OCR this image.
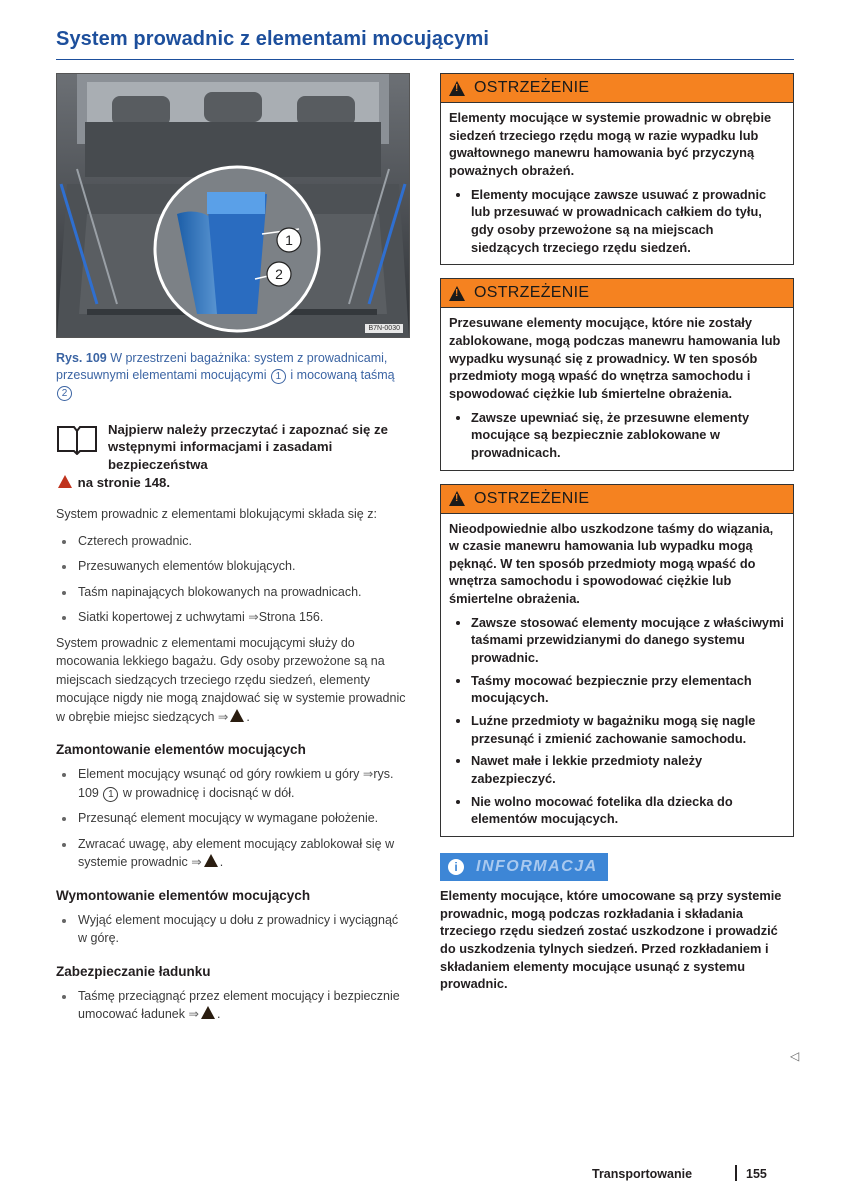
System prowadnic z elementami mocującymi
1
2
B7N-0030
Rys. 109 W przestrzeni bagażnika: system z prowadnicami, przesuwnymi elementami mocującymi 1 i mocowaną taśmą 2
Najpierw należy przeczytać i zapoznać się ze wstępnymi informacjami i zasadami bezpieczeństwa
na stronie 148.
System prowadnic z elementami blokującymi składa się z:
Czterech prowadnic.
Przesuwanych elementów blokujących.
Taśm napinających blokowanych na prowadnicach.
Siatki kopertowej z uchwytami ⇒Strona 156.
System prowadnic z elementami mocującymi służy do mocowania lekkiego bagażu. Gdy osoby przewożone są na miejscach siedzących trzeciego rzędu siedzeń, elementy mocujące nigdy nie mogą znajdować się w systemie prowadnic w obrębie miejsc siedzących ⇒ .
Zamontowanie elementów mocujących
Element mocujący wsunąć od góry rowkiem u góry ⇒rys. 109 1 w prowadnicę i docisnąć w dół.
Przesunąć element mocujący w wymagane położenie.
Zwracać uwagę, aby element mocujący zablokował się w systemie prowadnic ⇒ .
Wymontowanie elementów mocujących
Wyjąć element mocujący u dołu z prowadnicy i wyciągnąć w górę.
Zabezpieczanie ładunku
Taśmę przeciągnąć przez element mocujący i bezpiecznie umocować ładunek ⇒ .
!
OSTRZEŻENIE

Elementy mocujące w systemie prowadnic w obrębie siedzeń trzeciego rzędu mogą w razie wypadku lub gwałtownego manewru hamowania być przyczyną poważnych obrażeń.

Elementy mocujące zawsze usuwać z prowadnic lub przesuwać w prowadnicach całkiem do tyłu, gdy osoby przewożone są na miejscach siedzących trzeciego rzędu siedzeń.
!
OSTRZEŻENIE

Przesuwane elementy mocujące, które nie zostały zablokowane, mogą podczas manewru hamowania lub wypadku wysunąć się z prowadnicy. W ten sposób przedmioty mogą wpaść do wnętrza samochodu i spowodować ciężkie lub śmiertelne obrażenia.

Zawsze upewniać się, że przesuwne elementy mocujące są bezpiecznie zablokowane w prowadnicach.
!
OSTRZEŻENIE

Nieodpowiednie albo uszkodzone taśmy do wiązania, w czasie manewru hamowania lub wypadku mogą pęknąć. W ten sposób przedmioty mogą wpaść do wnętrza samochodu i spowodować ciężkie lub śmiertelne obrażenia.

Zawsze stosować elementy mocujące z właściwymi taśmami przewidzianymi do danego systemu prowadnic.
Taśmy mocować bezpiecznie przy elementach mocujących.
Luźne przedmioty w bagażniku mogą się nagle przesunąć i zmienić zachowanie samochodu.
Nawet małe i lekkie przedmioty należy zabezpieczyć.
Nie wolno mocować fotelika dla dziecka do elementów mocujących.
i	INFORMACJA
Elementy mocujące, które umocowane są przy systemie prowadnic, mogą podczas rozkładania i składania trzeciego rzędu siedzeń zostać uszkodzone i prowadzić do uszkodzenia tylnych siedzeń. Przed rozkładaniem i składaniem elementy mocujące usunąć z systemu prowadnic.
◁
Transportowanie	155
